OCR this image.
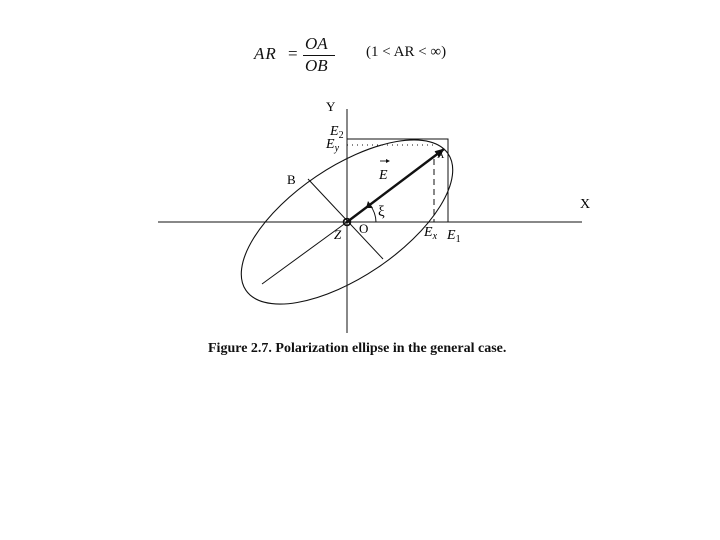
AR =
OA
OB
(1 < AR < ∞)
Y
X
$E_2$
$E_y$
E
A
B
ξ
Z O	$E_x$ $E_1$
Figure 2.7. Polarization ellipse in the general case.
